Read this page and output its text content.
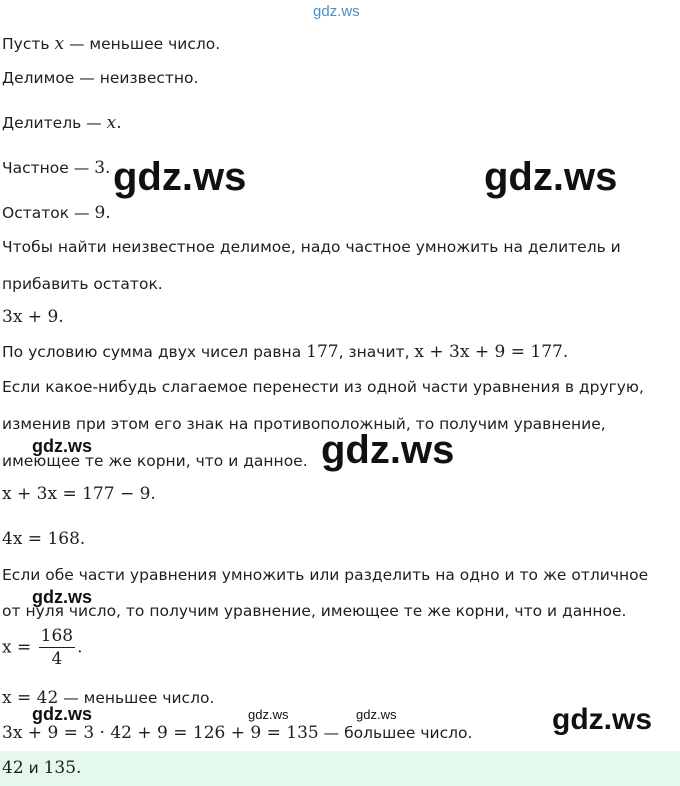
gdz.ws
Пусть x — меньшее число.
Делимое — неизвестно.
Делитель — x.
Частное — 3.
Остаток — 9.
Чтобы найти неизвестное делимое, надо частное умножить на делитель и
прибавить остаток.
3x + 9.
По условию сумма двух чисел равна 177, значит, x + 3x + 9 = 177.
Если какое-нибудь слагаемое перенести из одной части уравнения в другую,
изменив при этом его знак на противоположный, то получим уравнение,
имеющее те же корни, что и данное.
x + 3x = 177 − 9.
4x = 168.
Если обе части уравнения умножить или разделить на одно и то же отличное
от нуля число, то получим уравнение, имеющее те же корни, что и данное.
$x = \frac{168}{4}$ .
x = 42 — меньшее число.
3x + 9 = 3 · 42 + 9 = 126 + 9 = 135 — большее число.
42 и 135.
gdz.ws	gdz.ws
gdz.ws
gdz.ws
gdz.ws
gdz.ws
gdz.ws	gdz.ws	gdz.ws
